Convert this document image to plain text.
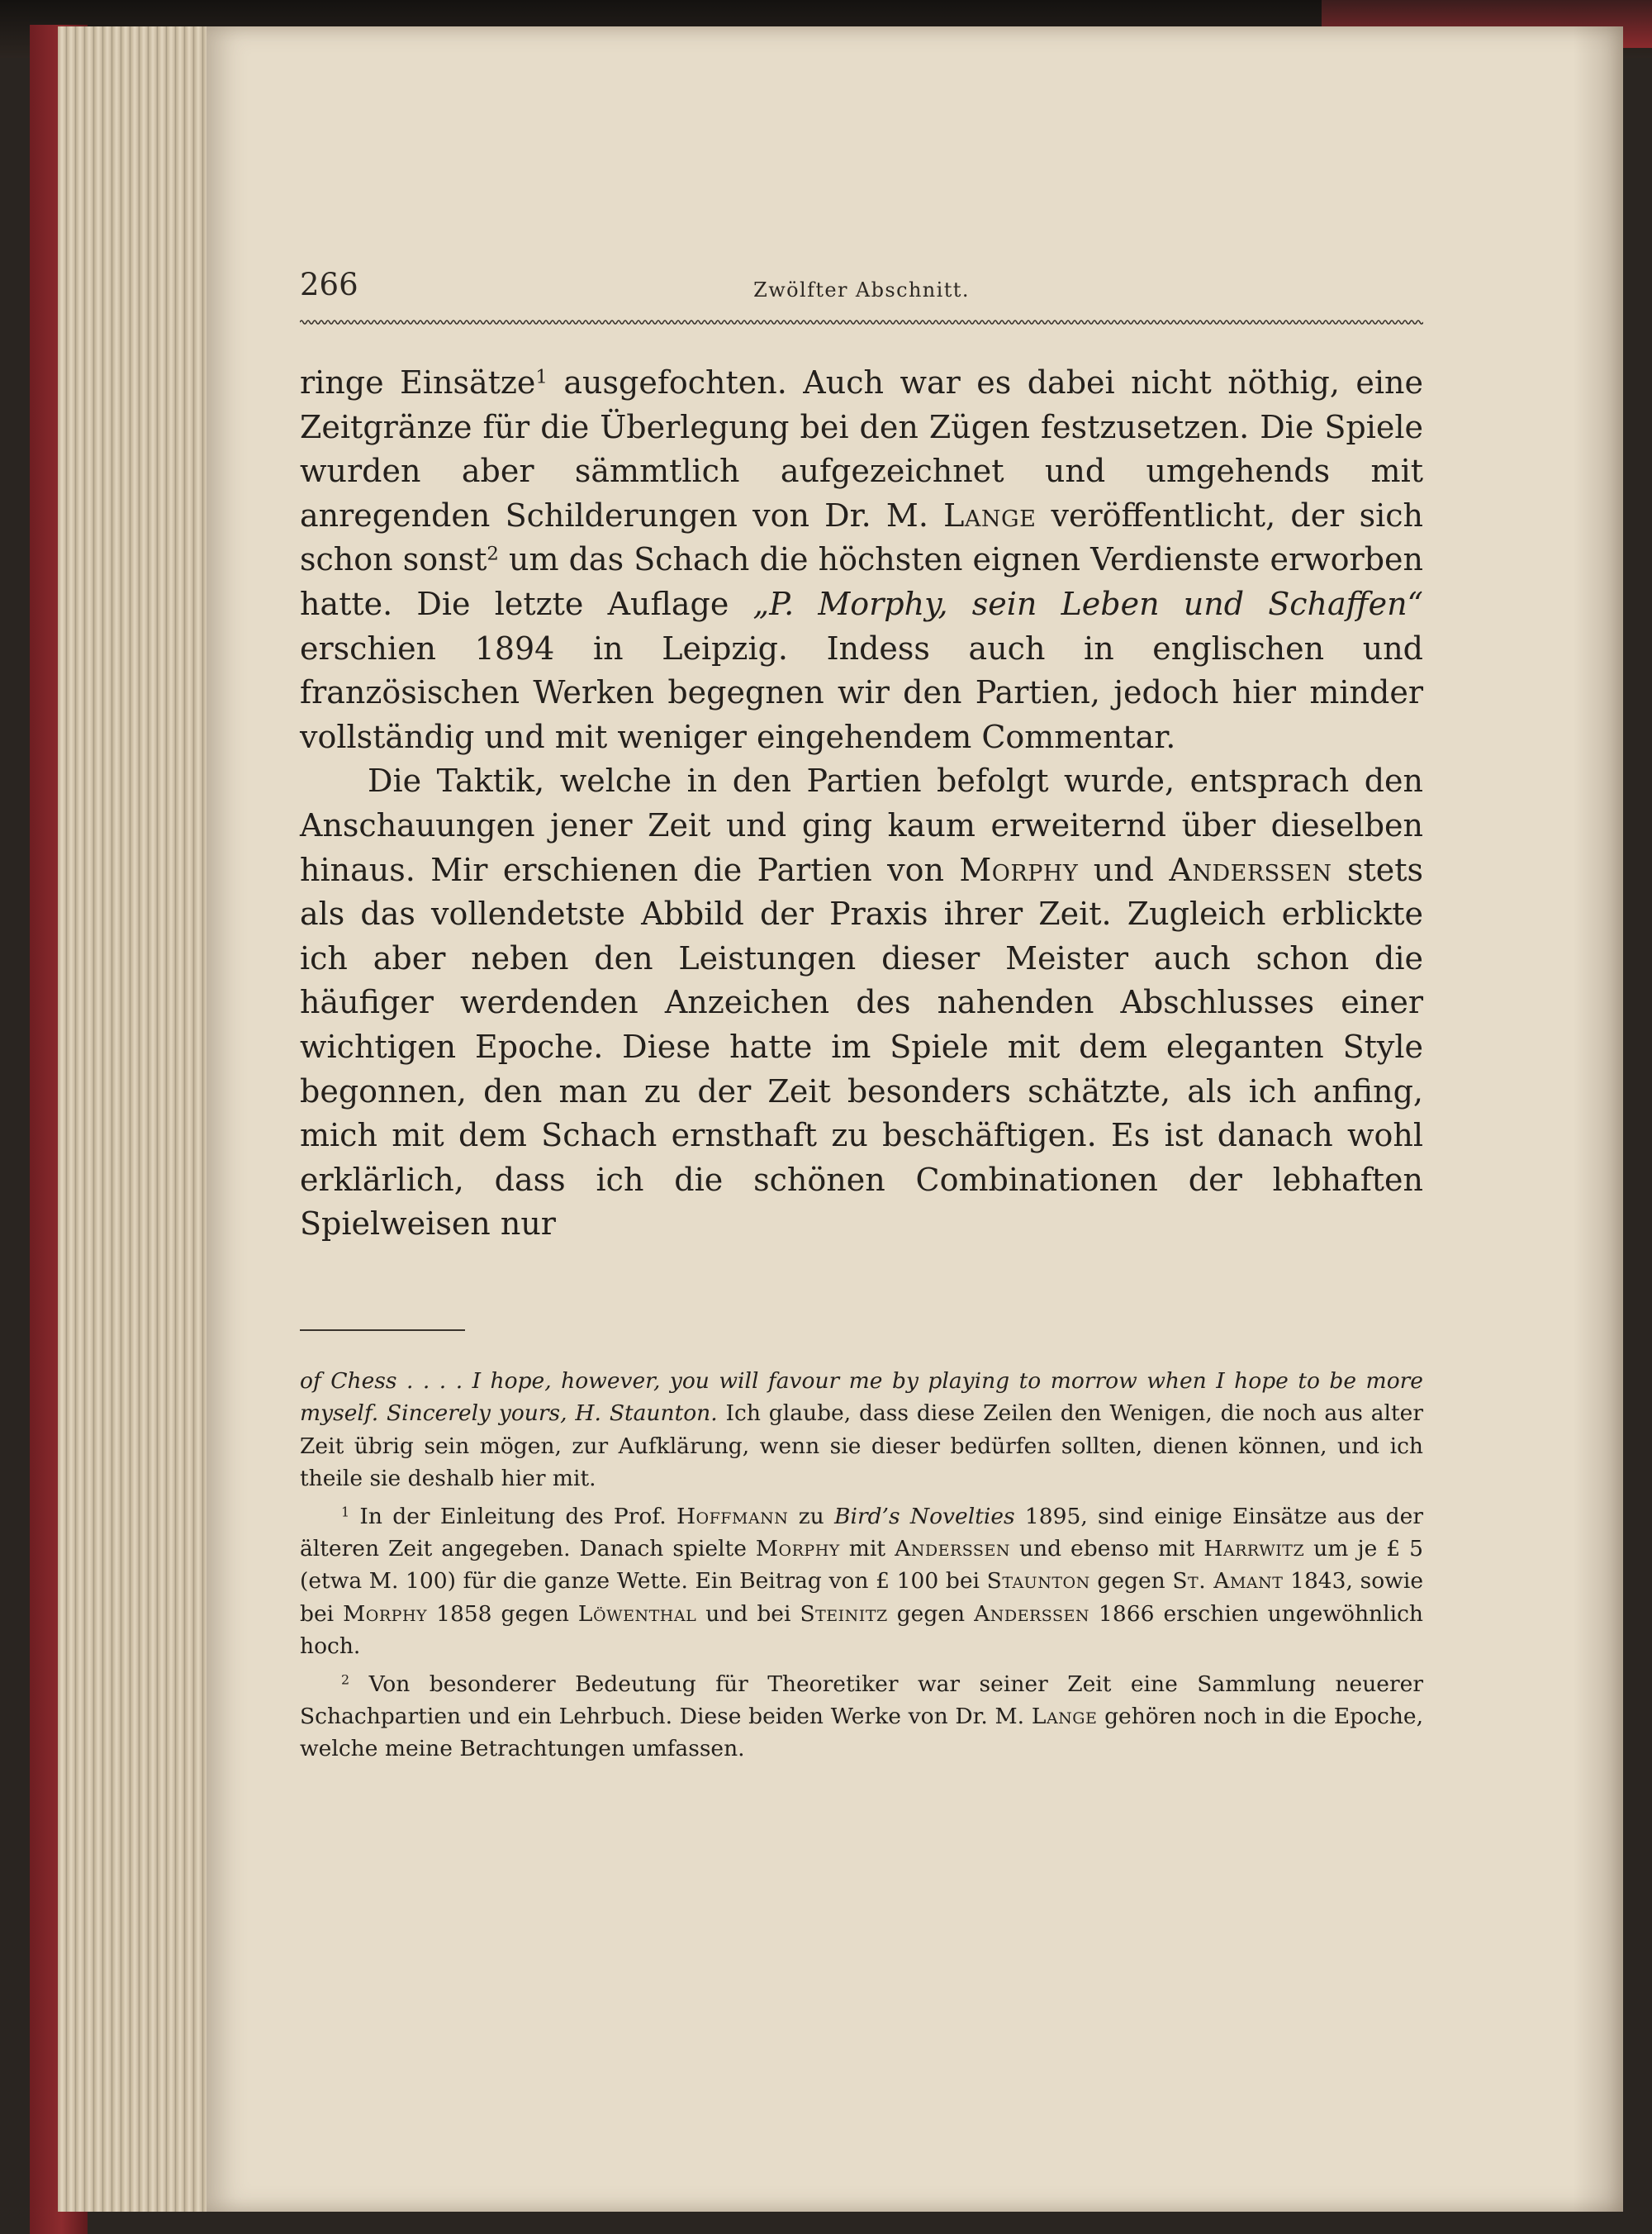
266	Zwölfter Abschnitt.

ringe Einsätze$^1$ ausgefochten. Auch war es dabei nicht nöthig, eine Zeitgränze für die Überlegung bei den Zügen festzusetzen. Die Spiele wurden aber sämmtlich aufgezeichnet und umgehends mit anregenden Schilderungen von Dr. M. Lange veröffentlicht, der sich schon sonst$^2$ um das Schach die höchsten eignen Verdienste erworben hatte. Die letzte Auflage „P. Morphy, sein Leben und Schaffen“ erschien 1894 in Leipzig. Indess auch in englischen und französischen Werken begegnen wir den Partien, jedoch hier minder vollständig und mit weniger eingehendem Commentar.

Die Taktik, welche in den Partien befolgt wurde, entsprach den Anschauungen jener Zeit und ging kaum erweiternd über dieselben hinaus. Mir erschienen die Partien von Morphy und Anderssen stets als das vollendetste Abbild der Praxis ihrer Zeit. Zugleich erblickte ich aber neben den Leistungen dieser Meister auch schon die häufiger werdenden Anzeichen des nahenden Abschlusses einer wichtigen Epoche. Diese hatte im Spiele mit dem eleganten Style begonnen, den man zu der Zeit besonders schätzte, als ich anfing, mich mit dem Schach ernsthaft zu beschäftigen. Es ist danach wohl erklärlich, dass ich die schönen Combinationen der lebhaften Spielweisen nur

of Chess . . . . I hope, however, you will favour me by playing to morrow when I hope to be more myself. Sincerely yours, H. Staunton. Ich glaube, dass diese Zeilen den Wenigen, die noch aus alter Zeit übrig sein mögen, zur Aufklärung, wenn sie dieser bedürfen sollten, dienen können, und ich theile sie deshalb hier mit.

$^1$ In der Einleitung des Prof. Hoffmann zu Bird’s Novelties 1895, sind einige Einsätze aus der älteren Zeit angegeben. Danach spielte Morphy mit Anderssen und ebenso mit Harrwitz um je £ 5 (etwa M. 100) für die ganze Wette. Ein Beitrag von £ 100 bei Staunton gegen St. Amant 1843, sowie bei Morphy 1858 gegen Löwenthal und bei Steinitz gegen Anderssen 1866 erschien ungewöhnlich hoch.

$^2$ Von besonderer Bedeutung für Theoretiker war seiner Zeit eine Sammlung neuerer Schachpartien und ein Lehrbuch. Diese beiden Werke von Dr. M. Lange gehören noch in die Epoche, welche meine Betrachtungen umfassen.
